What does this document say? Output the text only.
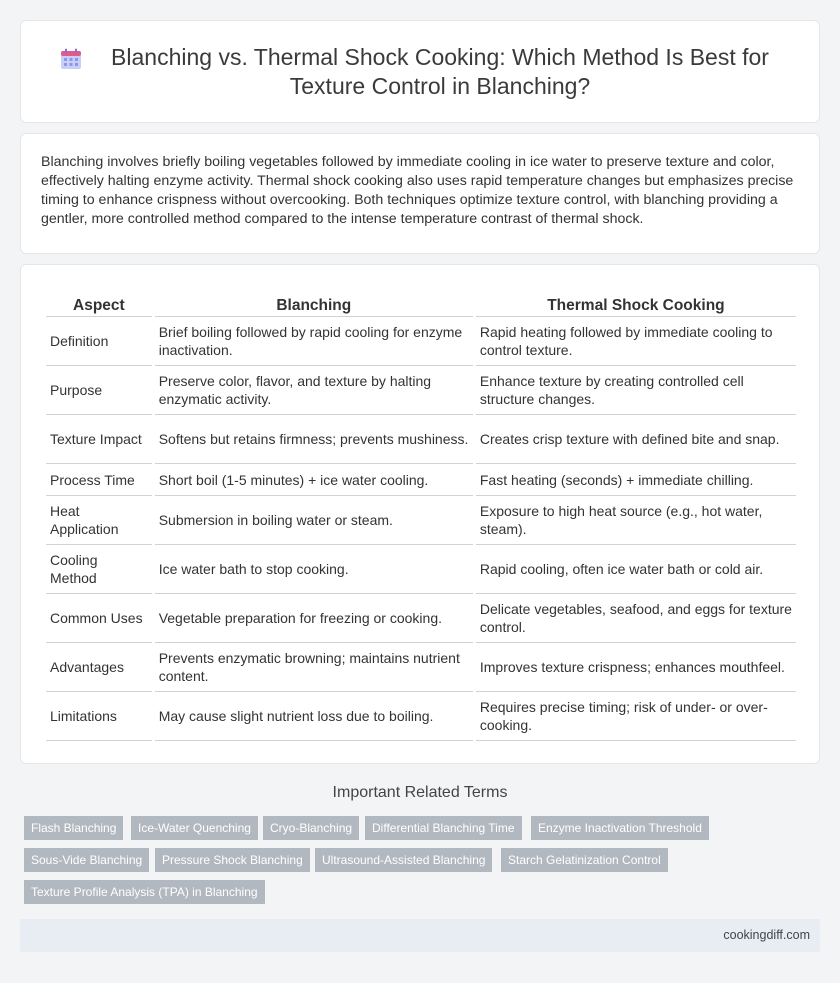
Blanching vs. Thermal Shock Cooking: Which Method Is Best for Texture Control in Blanching?

Blanching involves briefly boiling vegetables followed by immediate cooling in ice water to preserve texture and color, effectively halting enzyme activity. Thermal shock cooking also uses rapid temperature changes but emphasizes precise timing to enhance crispness without overcooking. Both techniques optimize texture control, with blanching providing a gentler, more controlled method compared to the intense temperature contrast of thermal shock.

Aspect	Blanching	Thermal Shock Cooking
Definition	Brief boiling followed by rapid cooling for enzyme inactivation.	Rapid heating followed by immediate cooling to control texture.
Purpose	Preserve color, flavor, and texture by halting enzymatic activity.	Enhance texture by creating controlled cell structure changes.
Texture Impact	Softens but retains firmness; prevents mushiness.	Creates crisp texture with defined bite and snap.
Process Time	Short boil (1-5 minutes) + ice water cooling.	Fast heating (seconds) + immediate chilling.
Heat Application	Submersion in boiling water or steam.	Exposure to high heat source (e.g., hot water, steam).
Cooling Method	Ice water bath to stop cooking.	Rapid cooling, often ice water bath or cold air.
Common Uses	Vegetable preparation for freezing or cooking.	Delicate vegetables, seafood, and eggs for texture control.
Advantages	Prevents enzymatic browning; maintains nutrient content.	Improves texture crispness; enhances mouthfeel.
Limitations	May cause slight nutrient loss due to boiling.	Requires precise timing; risk of under- or over-cooking.
Important Related Terms
Flash Blanching	Ice-Water Quenching	Cryo-Blanching	Differential Blanching Time	Enzyme Inactivation Threshold
Sous-Vide Blanching	Pressure Shock Blanching	Ultrasound-Assisted Blanching	Starch Gelatinization Control
Texture Profile Analysis (TPA) in Blanching
cookingdiff.com
